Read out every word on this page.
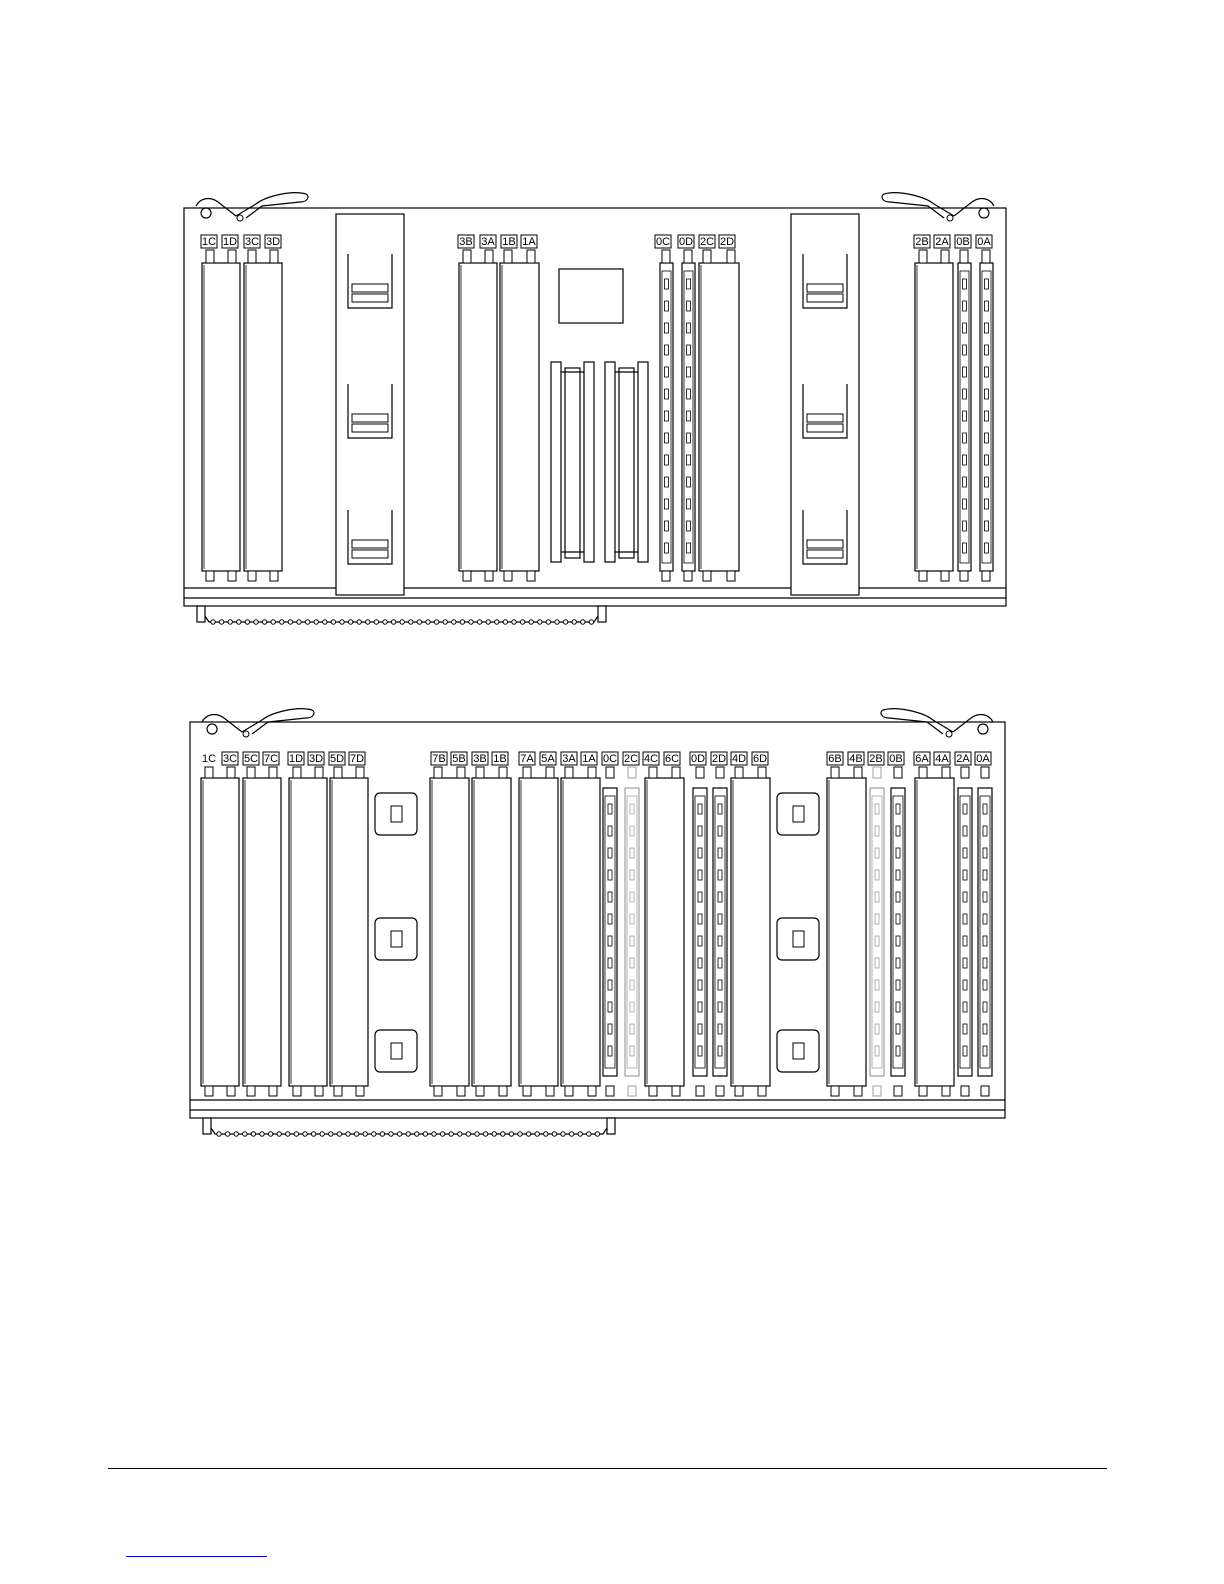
1C 1D 3C 3D	3B 3A 1B 1A	0C 0D 2C 2D	2B 2A 0B 0A
1C 3C 5C 7C 1D 3D 5D 7D	7B 5B 3B 1B 7A 5A 3A 1A 0C 2C 4C 6C 0D 2D 4D 6D	6B 4B 2B 0B 6A 4A 2A 0A
